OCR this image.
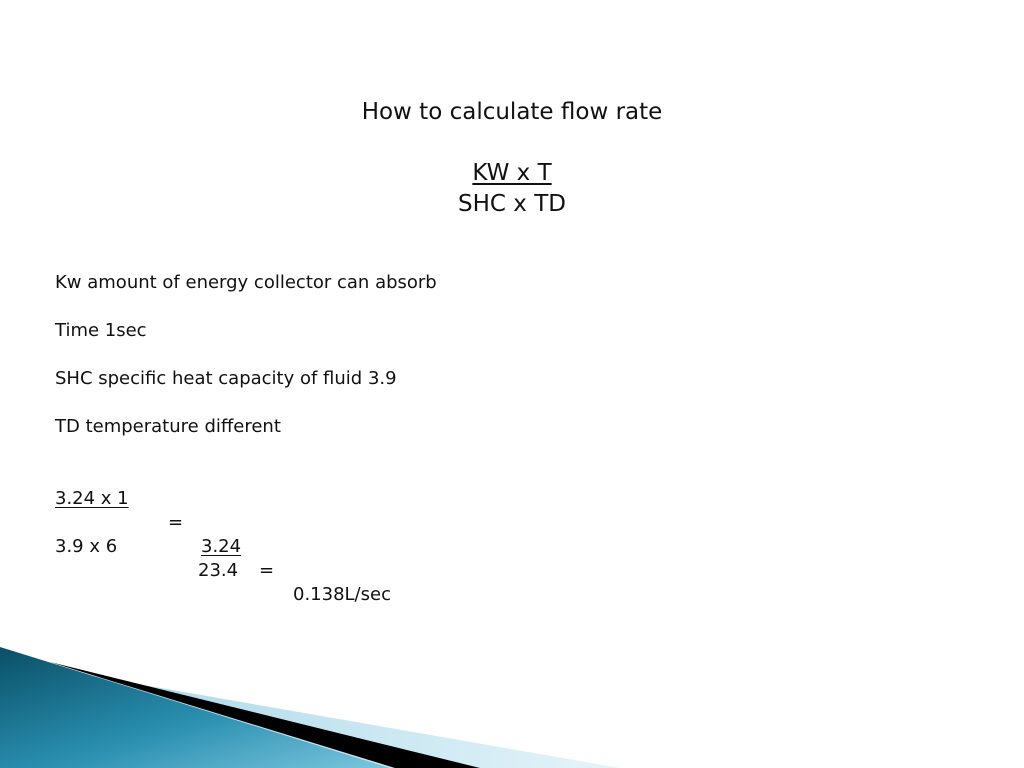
How to calculate flow rate
KW x T
SHC x TD
Kw amount of energy collector can absorb
Time 1sec
SHC specific heat capacity of fluid 3.9
TD temperature different

3.24 x 1

=

3.24

=

0.138L/sec

3.9 x 6

23.4
